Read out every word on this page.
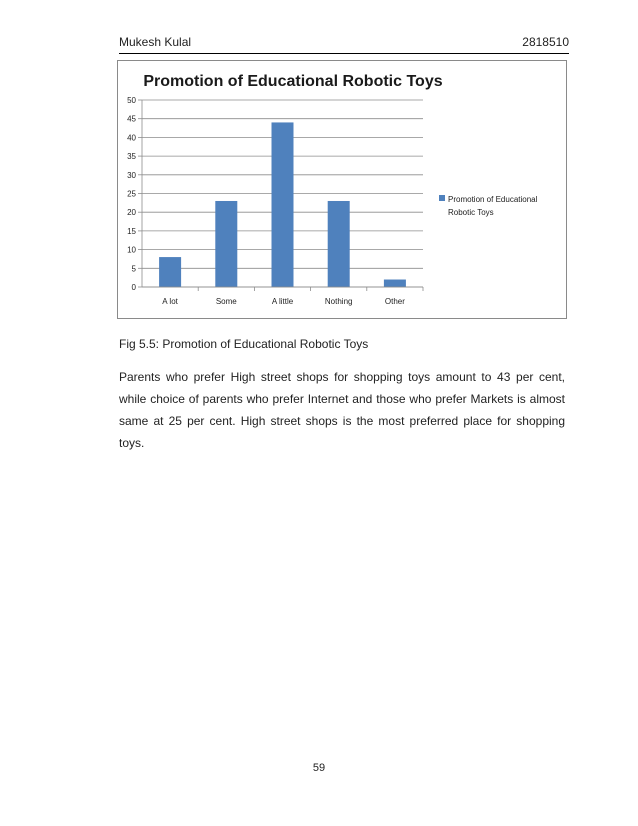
Mukesh Kulal	2818510
Promotion of Educational Robotic Toys
0
5
10
15
20
25
30
35
40
45
50
A lot	Some	A little	Nothing	Other
Promotion of Educational
Robotic Toys
Fig 5.5: Promotion of Educational Robotic Toys

Parents who prefer High street shops for shopping toys amount to 43 per cent, while choice of parents who prefer Internet and those who prefer Markets is almost same at 25 per cent. High street shops is the most preferred place for shopping toys.

59
